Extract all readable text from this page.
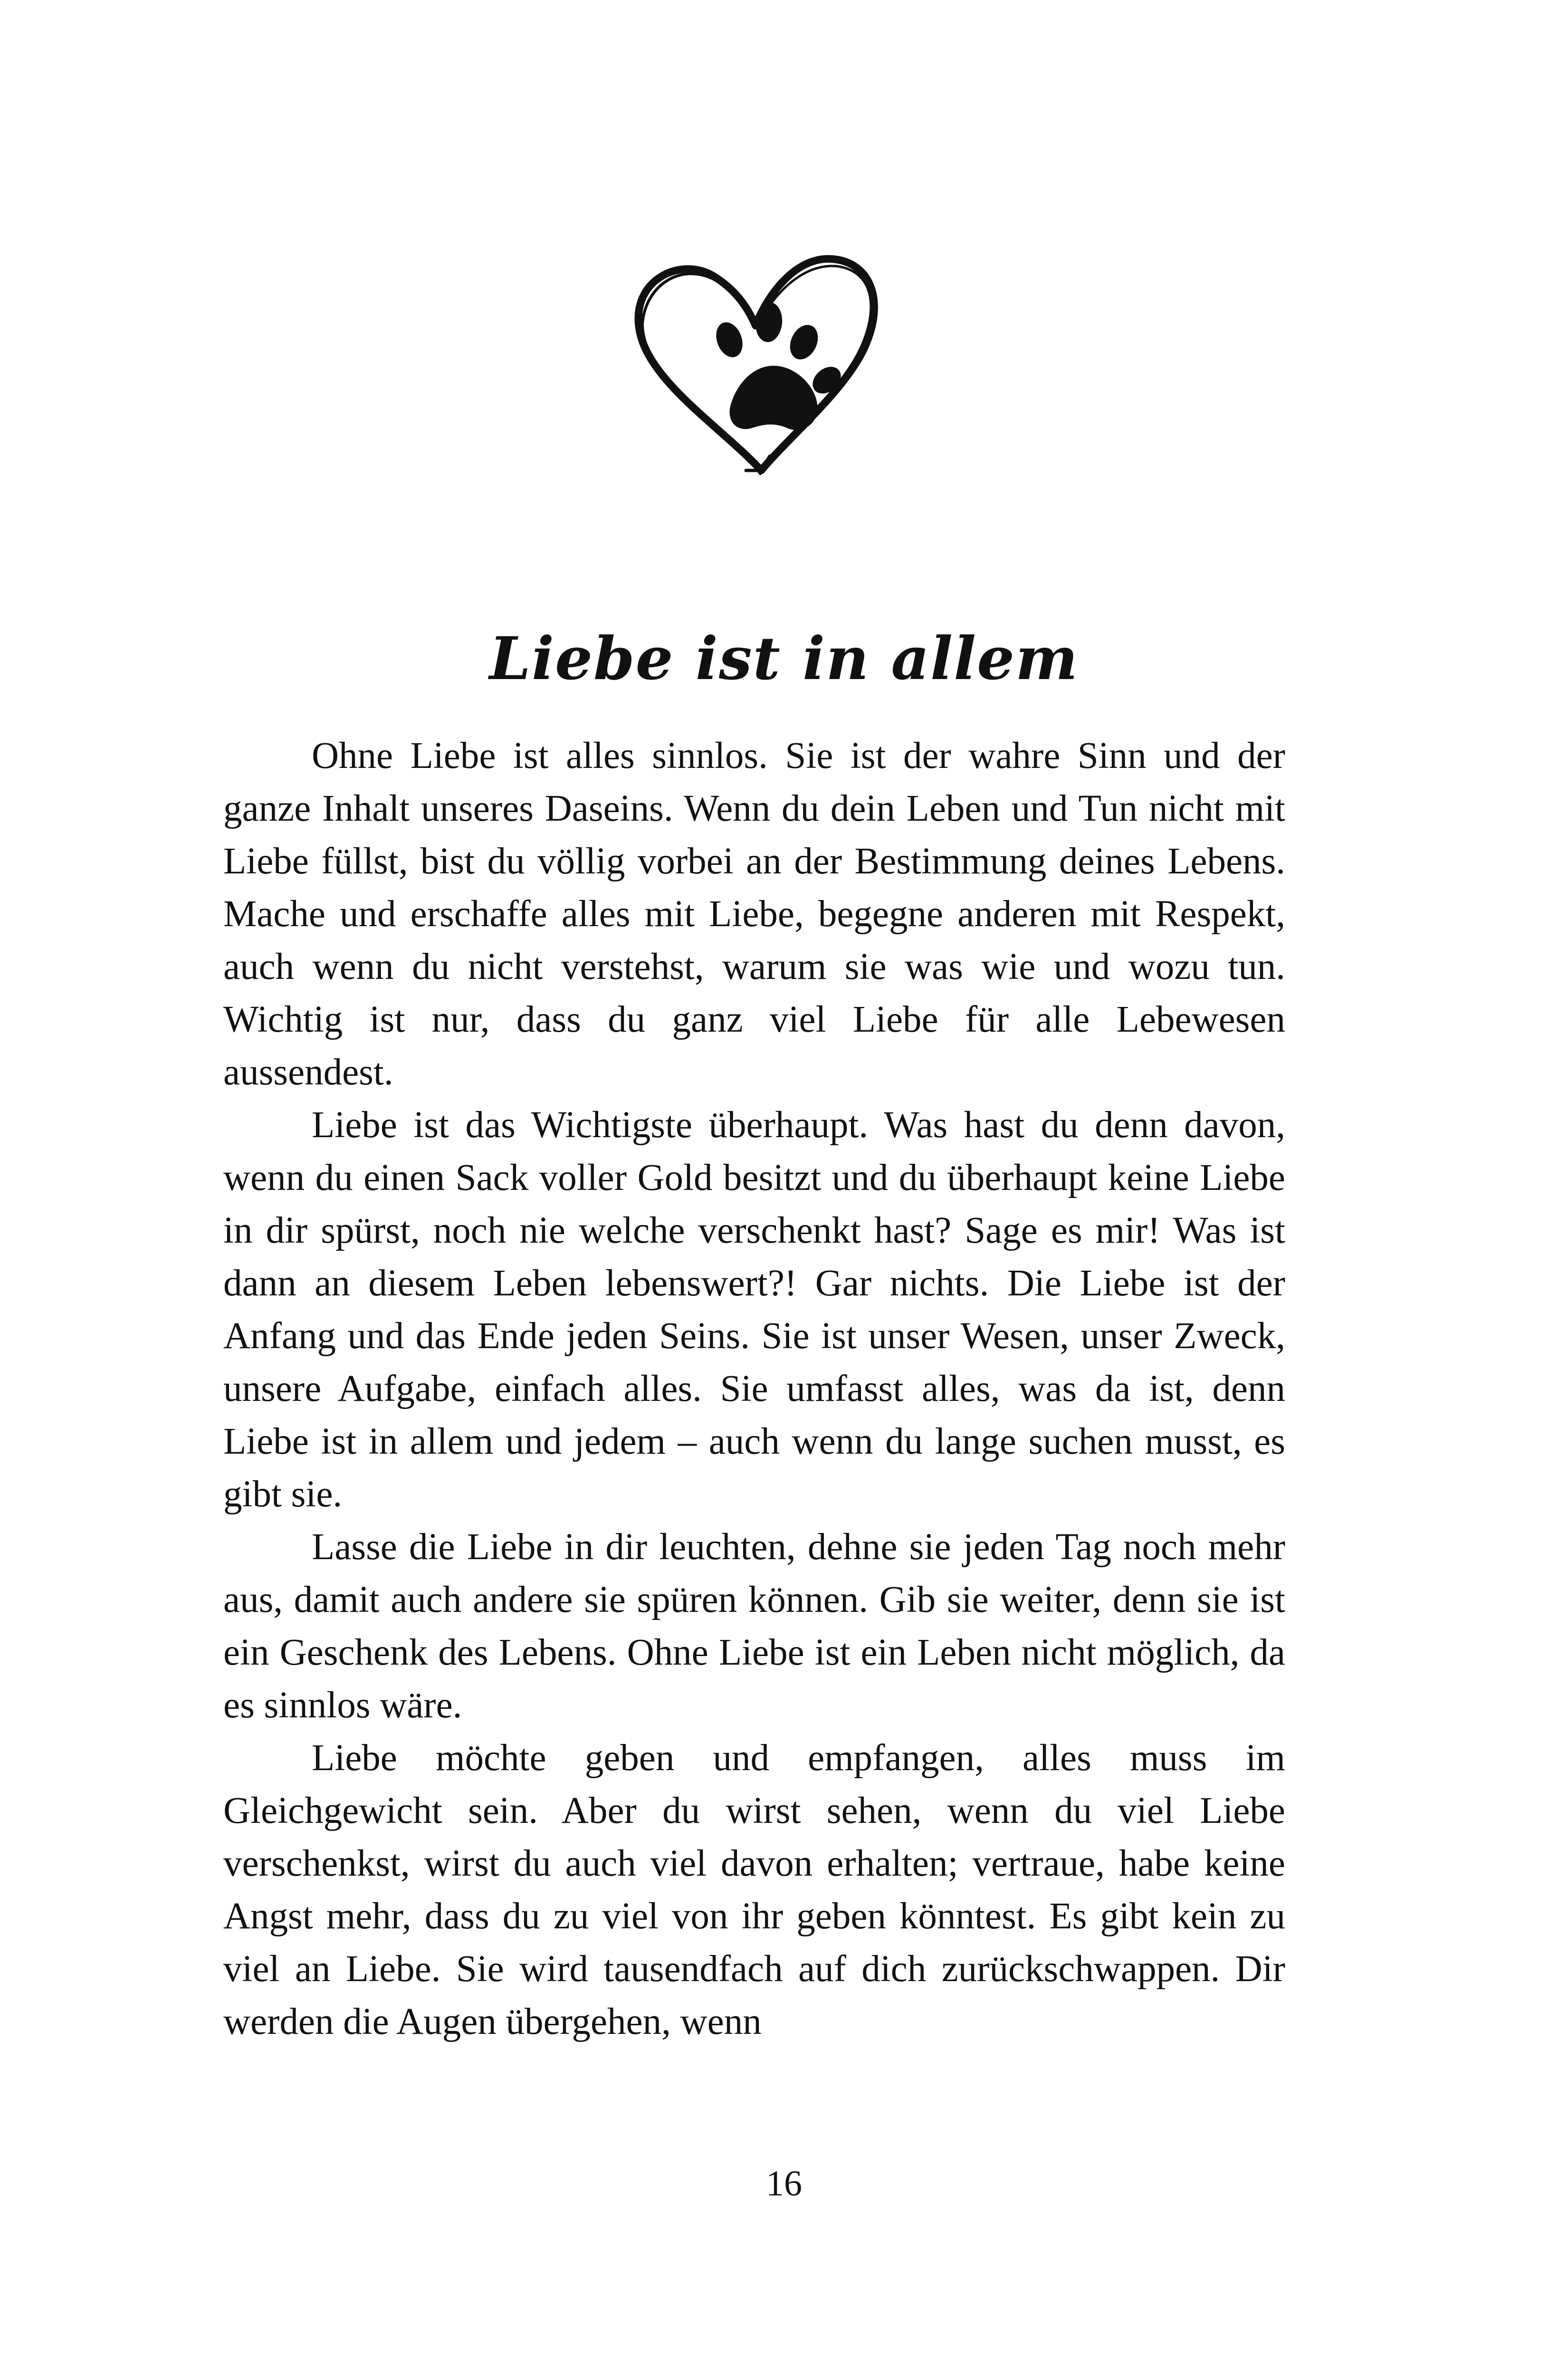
Liebe ist in allem

Ohne Liebe ist alles sinnlos. Sie ist der wahre Sinn und der ganze Inhalt unseres Daseins. Wenn du dein Leben und Tun nicht mit Liebe füllst, bist du völlig vorbei an der Bestimmung deines Lebens. Mache und erschaffe alles mit Liebe, begegne anderen mit Respekt, auch wenn du nicht verstehst, warum sie was wie und wozu tun. Wichtig ist nur, dass du ganz viel Liebe für alle Lebewesen aussendest.

Liebe ist das Wichtigste überhaupt. Was hast du denn davon, wenn du einen Sack voller Gold besitzt und du überhaupt keine Liebe in dir spürst, noch nie welche verschenkt hast? Sage es mir! Was ist dann an diesem Leben lebenswert?! Gar nichts. Die Liebe ist der Anfang und das Ende jeden Seins. Sie ist unser Wesen, unser Zweck, unsere Aufgabe, einfach alles. Sie umfasst alles, was da ist, denn Liebe ist in allem und jedem – auch wenn du lange suchen musst, es gibt sie.

Lasse die Liebe in dir leuchten, dehne sie jeden Tag noch mehr aus, damit auch andere sie spüren können. Gib sie weiter, denn sie ist ein Geschenk des Lebens. Ohne Liebe ist ein Leben nicht möglich, da es sinnlos wäre.

Liebe möchte geben und empfangen, alles muss im Gleichgewicht sein. Aber du wirst sehen, wenn du viel Liebe verschenkst, wirst du auch viel davon erhalten; vertraue, habe keine Angst mehr, dass du zu viel von ihr geben könntest. Es gibt kein zu viel an Liebe. Sie wird tausendfach auf dich zurückschwappen. Dir werden die Augen übergehen, wenn

16
